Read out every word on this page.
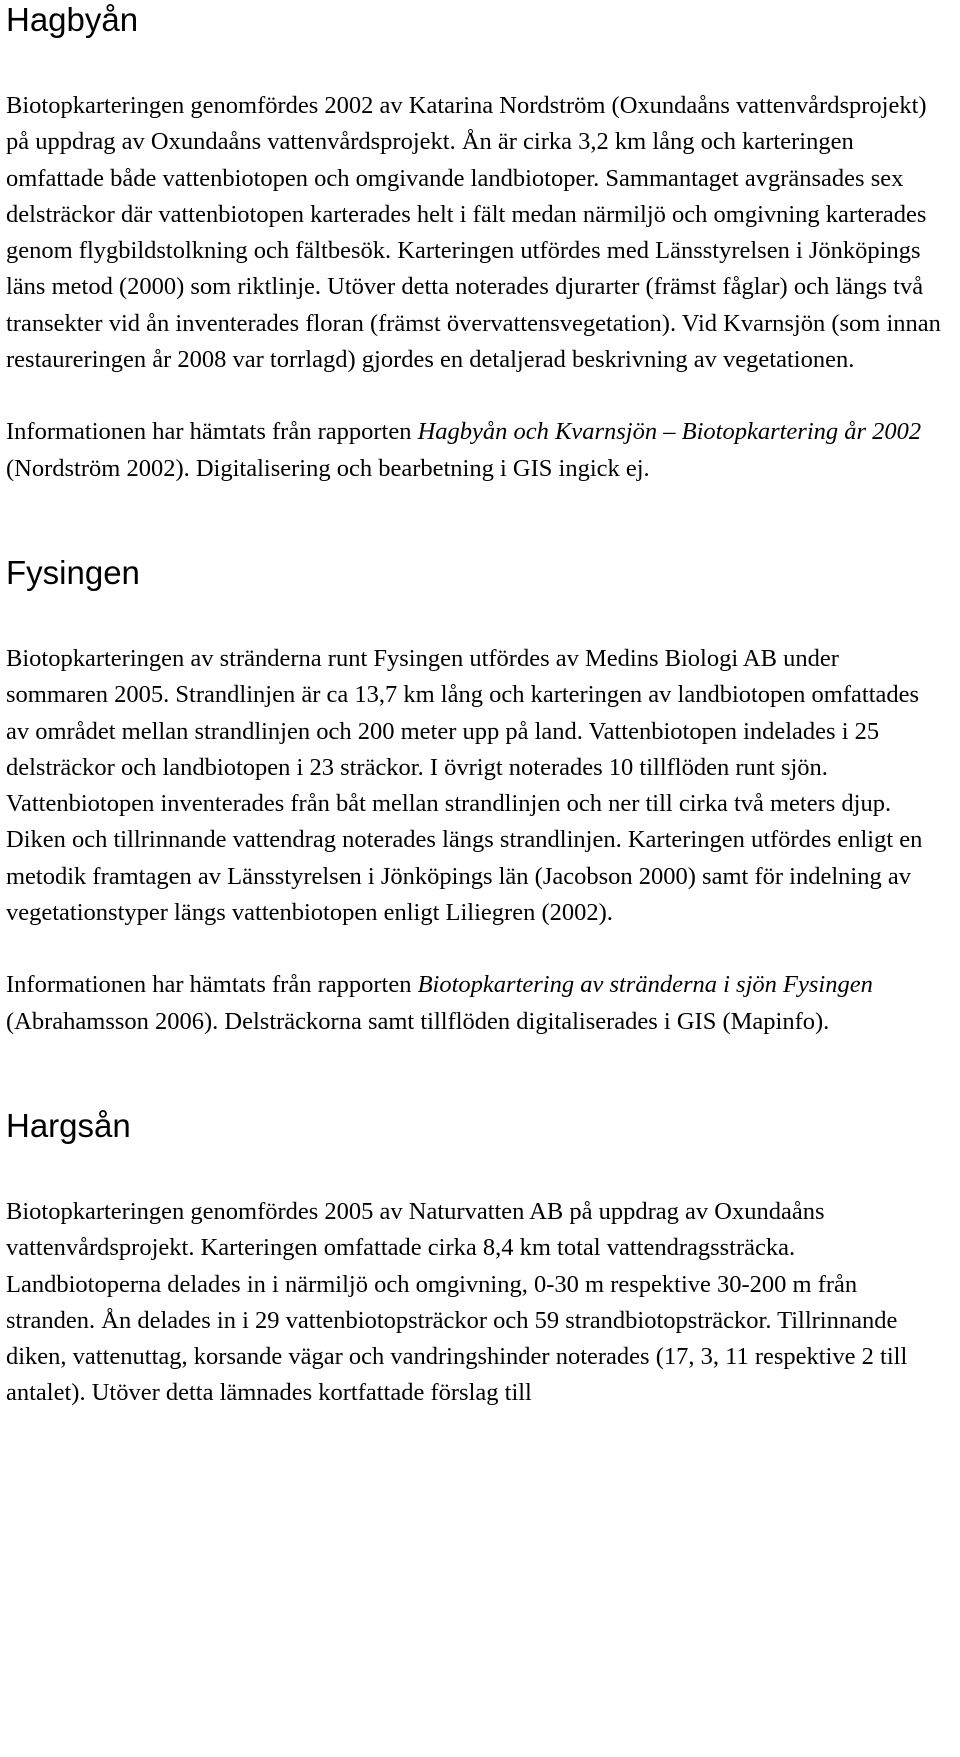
Hagbyån

Biotopkarteringen genomfördes 2002 av Katarina Nordström (Oxundaåns vattenvårdsprojekt) på uppdrag av Oxundaåns vattenvårdsprojekt. Ån är cirka 3,2 km lång och karteringen omfattade både vattenbiotopen och omgivande landbiotoper. Sammantaget avgränsades sex delsträckor där vattenbiotopen karterades helt i fält medan närmiljö och omgivning karterades genom flygbildstolkning och fältbesök. Karteringen utfördes med Länsstyrelsen i Jönköpings läns metod (2000) som riktlinje. Utöver detta noterades djurarter (främst fåglar) och längs två transekter vid ån inventerades floran (främst övervattensvegetation). Vid Kvarnsjön (som innan restaureringen år 2008 var torrlagd) gjordes en detaljerad beskrivning av vegetationen.

Informationen har hämtats från rapporten Hagbyån och Kvarnsjön – Biotopkartering år 2002 (Nordström 2002). Digitalisering och bearbetning i GIS ingick ej.

Fysingen

Biotopkarteringen av stränderna runt Fysingen utfördes av Medins Biologi AB under sommaren 2005. Strandlinjen är ca 13,7 km lång och karteringen av landbiotopen omfattades av området mellan strandlinjen och 200 meter upp på land. Vattenbiotopen indelades i 25 delsträckor och landbiotopen i 23 sträckor. I övrigt noterades 10 tillflöden runt sjön. Vattenbiotopen inventerades från båt mellan strandlinjen och ner till cirka två meters djup. Diken och tillrinnande vattendrag noterades längs strandlinjen. Karteringen utfördes enligt en metodik framtagen av Länsstyrelsen i Jönköpings län (Jacobson 2000) samt för indelning av vegetationstyper längs vattenbiotopen enligt Liliegren (2002).

Informationen har hämtats från rapporten Biotopkartering av stränderna i sjön Fysingen (Abrahamsson 2006). Delsträckorna samt tillflöden digitaliserades i GIS (Mapinfo).

Hargsån

Biotopkarteringen genomfördes 2005 av Naturvatten AB på uppdrag av Oxundaåns vattenvårdsprojekt. Karteringen omfattade cirka 8,4 km total vattendragssträcka. Landbiotoperna delades in i närmiljö och omgivning, 0-30 m respektive 30-200 m från stranden. Ån delades in i 29 vattenbiotopsträckor och 59 strandbiotopsträckor. Tillrinnande diken, vattenuttag, korsande vägar och vandringshinder noterades (17, 3, 11 respektive 2 till antalet). Utöver detta lämnades kortfattade förslag till
